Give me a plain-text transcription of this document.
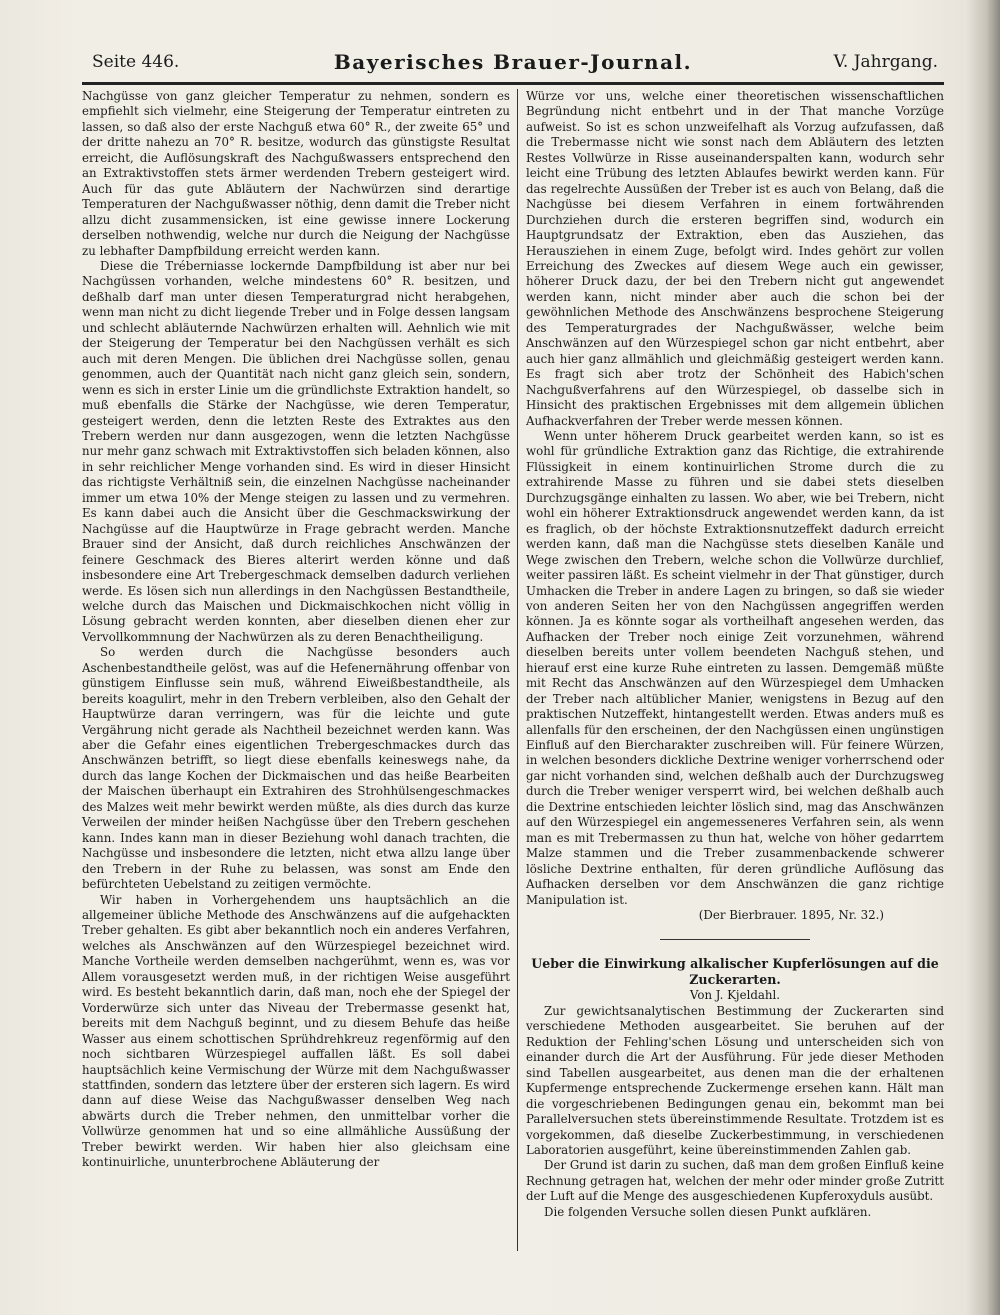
Seite 446.	Bayerisches Brauer-Journal.	V. Jahrgang.

Nachgüsse von ganz gleicher Temperatur zu nehmen, sondern es empfiehlt sich vielmehr, eine Steigerung der Temperatur eintreten zu lassen, so daß also der erste Nachguß etwa 60° R., der zweite 65° und der dritte nahezu an 70° R. besitze, wodurch das günstigste Resultat erreicht, die Auflösungskraft des Nachgußwassers entsprechend den an Extraktivstoffen stets ärmer werdenden Trebern gesteigert wird. Auch für das gute Abläutern der Nachwürzen sind derartige Temperaturen der Nachgußwasser nöthig, denn damit die Treber nicht allzu dicht zusammensicken, ist eine gewisse innere Lockerung derselben nothwendig, welche nur durch die Neigung der Nachgüsse zu lebhafter Dampfbildung erreicht werden kann.

Diese die Tréberniasse lockernde Dampfbildung ist aber nur bei Nachgüssen vorhanden, welche mindestens 60° R. besitzen, und deßhalb darf man unter diesen Temperaturgrad nicht herabgehen, wenn man nicht zu dicht liegende Treber und in Folge dessen langsam und schlecht abläuternde Nachwürzen erhalten will. Aehnlich wie mit der Steigerung der Temperatur bei den Nachgüssen verhält es sich auch mit deren Mengen. Die üblichen drei Nachgüsse sollen, genau genommen, auch der Quantität nach nicht ganz gleich sein, sondern, wenn es sich in erster Linie um die gründlichste Extraktion handelt, so muß ebenfalls die Stärke der Nachgüsse, wie deren Temperatur, gesteigert werden, denn die letzten Reste des Extraktes aus den Trebern werden nur dann ausgezogen, wenn die letzten Nachgüsse nur mehr ganz schwach mit Extraktivstoffen sich beladen können, also in sehr reichlicher Menge vorhanden sind. Es wird in dieser Hinsicht das richtigste Verhältniß sein, die einzelnen Nachgüsse nacheinander immer um etwa 10% der Menge steigen zu lassen und zu vermehren. Es kann dabei auch die Ansicht über die Geschmackswirkung der Nachgüsse auf die Hauptwürze in Frage gebracht werden. Manche Brauer sind der Ansicht, daß durch reichliches Anschwänzen der feinere Geschmack des Bieres alterirt werden könne und daß insbesondere eine Art Trebergeschmack demselben dadurch verliehen werde. Es lösen sich nun allerdings in den Nachgüssen Bestandtheile, welche durch das Maischen und Dickmaischkochen nicht völlig in Lösung gebracht werden konnten, aber dieselben dienen eher zur Vervollkommnung der Nachwürzen als zu deren Benachtheiligung.

So werden durch die Nachgüsse besonders auch Aschenbestandtheile gelöst, was auf die Hefenernährung offenbar von günstigem Einflusse sein muß, während Eiweißbestandtheile, als bereits koagulirt, mehr in den Trebern verbleiben, also den Gehalt der Hauptwürze daran verringern, was für die leichte und gute Vergährung nicht gerade als Nachtheil bezeichnet werden kann. Was aber die Gefahr eines eigentlichen Trebergeschmackes durch das Anschwänzen betrifft, so liegt diese ebenfalls keineswegs nahe, da durch das lange Kochen der Dickmaischen und das heiße Bearbeiten der Maischen überhaupt ein Extrahiren des Strohhülsengeschmackes des Malzes weit mehr bewirkt werden müßte, als dies durch das kurze Verweilen der minder heißen Nachgüsse über den Trebern geschehen kann. Indes kann man in dieser Beziehung wohl danach trachten, die Nachgüsse und insbesondere die letzten, nicht etwa allzu lange über den Trebern in der Ruhe zu belassen, was sonst am Ende den befürchteten Uebelstand zu zeitigen vermöchte.

Wir haben in Vorhergehendem uns hauptsächlich an die allgemeiner übliche Methode des Anschwänzens auf die aufgehackten Treber gehalten. Es gibt aber bekanntlich noch ein anderes Verfahren, welches als Anschwänzen auf den Würzespiegel bezeichnet wird. Manche Vortheile werden demselben nachgerühmt, wenn es, was vor Allem vorausgesetzt werden muß, in der richtigen Weise ausgeführt wird. Es besteht bekanntlich darin, daß man, noch ehe der Spiegel der Vorderwürze sich unter das Niveau der Trebermasse gesenkt hat, bereits mit dem Nachguß beginnt, und zu diesem Behufe das heiße Wasser aus einem schottischen Sprühdrehkreuz regenförmig auf den noch sichtbaren Würzespiegel auffallen läßt. Es soll dabei hauptsächlich keine Vermischung der Würze mit dem Nachgußwasser stattfinden, sondern das letztere über der ersteren sich lagern. Es wird dann auf diese Weise das Nachgußwasser denselben Weg nach abwärts durch die Treber nehmen, den unmittelbar vorher die Vollwürze genommen hat und so eine allmähliche Aussüßung der Treber bewirkt werden. Wir haben hier also gleichsam eine kontinuirliche, ununterbrochene Abläuterung der

Würze vor uns, welche einer theoretischen wissenschaftlichen Begründung nicht entbehrt und in der That manche Vorzüge aufweist. So ist es schon unzweifelhaft als Vorzug aufzufassen, daß die Trebermasse nicht wie sonst nach dem Abläutern des letzten Restes Vollwürze in Risse auseinanderspalten kann, wodurch sehr leicht eine Trübung des letzten Ablaufes bewirkt werden kann. Für das regelrechte Aussüßen der Treber ist es auch von Belang, daß die Nachgüsse bei diesem Verfahren in einem fortwährenden Durchziehen durch die ersteren begriffen sind, wodurch ein Hauptgrundsatz der Extraktion, eben das Ausziehen, das Herausziehen in einem Zuge, befolgt wird. Indes gehört zur vollen Erreichung des Zweckes auf diesem Wege auch ein gewisser, höherer Druck dazu, der bei den Trebern nicht gut angewendet werden kann, nicht minder aber auch die schon bei der gewöhnlichen Methode des Anschwänzens besprochene Steigerung des Temperaturgrades der Nachgußwässer, welche beim Anschwänzen auf den Würzespiegel schon gar nicht entbehrt, aber auch hier ganz allmählich und gleichmäßig gesteigert werden kann. Es fragt sich aber trotz der Schönheit des Habich'schen Nachgußverfahrens auf den Würzespiegel, ob dasselbe sich in Hinsicht des praktischen Ergebnisses mit dem allgemein üblichen Aufhackverfahren der Treber werde messen können.

Wenn unter höherem Druck gearbeitet werden kann, so ist es wohl für gründliche Extraktion ganz das Richtige, die extrahirende Flüssigkeit in einem kontinuirlichen Strome durch die zu extrahirende Masse zu führen und sie dabei stets dieselben Durchzugsgänge einhalten zu lassen. Wo aber, wie bei Trebern, nicht wohl ein höherer Extraktionsdruck angewendet werden kann, da ist es fraglich, ob der höchste Extraktionsnutzeffekt dadurch erreicht werden kann, daß man die Nachgüsse stets dieselben Kanäle und Wege zwischen den Trebern, welche schon die Vollwürze durchlief, weiter passiren läßt. Es scheint vielmehr in der That günstiger, durch Umhacken die Treber in andere Lagen zu bringen, so daß sie wieder von anderen Seiten her von den Nachgüssen angegriffen werden können. Ja es könnte sogar als vortheilhaft angesehen werden, das Aufhacken der Treber noch einige Zeit vorzunehmen, während dieselben bereits unter vollem beendeten Nachguß stehen, und hierauf erst eine kurze Ruhe eintreten zu lassen. Demgemäß müßte mit Recht das Anschwänzen auf den Würzespiegel dem Umhacken der Treber nach altüblicher Manier, wenigstens in Bezug auf den praktischen Nutzeffekt, hintangestellt werden. Etwas anders muß es allenfalls für den erscheinen, der den Nachgüssen einen ungünstigen Einfluß auf den Biercharakter zuschreiben will. Für feinere Würzen, in welchen besonders dickliche Dextrine weniger vorherrschend oder gar nicht vorhanden sind, welchen deßhalb auch der Durchzugsweg durch die Treber weniger versperrt wird, bei welchen deßhalb auch die Dextrine entschieden leichter löslich sind, mag das Anschwänzen auf den Würzespiegel ein angemesseneres Verfahren sein, als wenn man es mit Trebermassen zu thun hat, welche von höher gedarrtem Malze stammen und die Treber zusammenbackende schwerer lösliche Dextrine enthalten, für deren gründliche Auflösung das Aufhacken derselben vor dem Anschwänzen die ganz richtige Manipulation ist.

(Der Bierbrauer. 1895, Nr. 32.)

Ueber die Einwirkung alkalischer Kupferlösungen auf die Zuckerarten.

Von J. Kjeldahl.

Zur gewichtsanalytischen Bestimmung der Zuckerarten sind verschiedene Methoden ausgearbeitet. Sie beruhen auf der Reduktion der Fehling'schen Lösung und unterscheiden sich von einander durch die Art der Ausführung. Für jede dieser Methoden sind Tabellen ausgearbeitet, aus denen man die der erhaltenen Kupfermenge entsprechende Zuckermenge ersehen kann. Hält man die vorgeschriebenen Bedingungen genau ein, bekommt man bei Parallelversuchen stets übereinstimmende Resultate. Trotzdem ist es vorgekommen, daß dieselbe Zuckerbestimmung, in verschiedenen Laboratorien ausgeführt, keine übereinstimmenden Zahlen gab.

Der Grund ist darin zu suchen, daß man dem großen Einfluß keine Rechnung getragen hat, welchen der mehr oder minder große Zutritt der Luft auf die Menge des ausgeschiedenen Kupferoxyduls ausübt.

Die folgenden Versuche sollen diesen Punkt aufklären.
